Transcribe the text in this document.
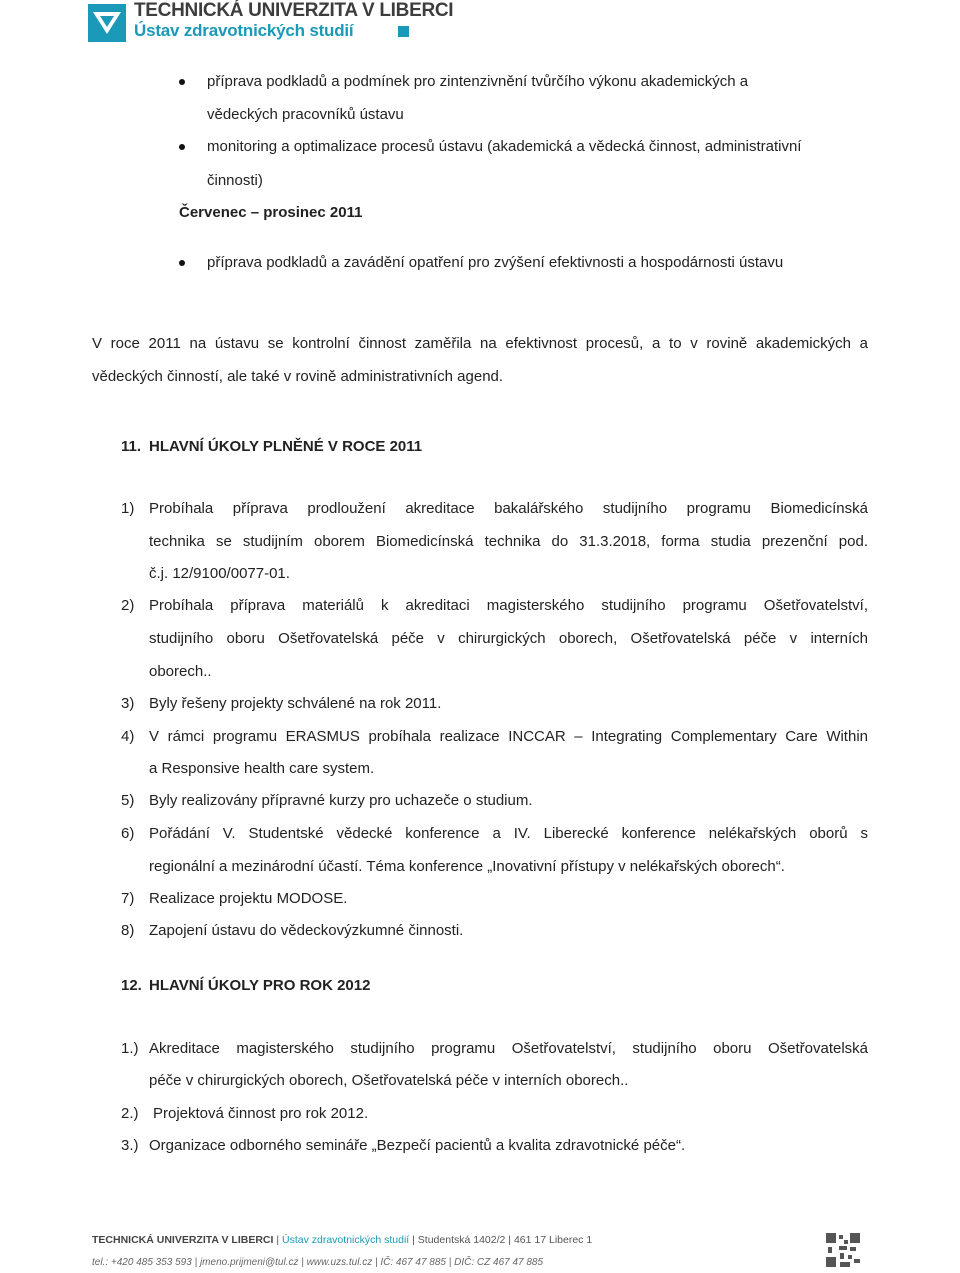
TECHNICKÁ UNIVERZITA V LIBERCI
Ústav zdravotnických studií
příprava podkladů a podmínek pro zintenzivnění tvůrčího výkonu akademických a
vědeckých pracovníků ústavu
monitoring a optimalizace procesů ústavu (akademická a vědecká činnost, administrativní
činnosti)
Červenec – prosinec 2011
příprava podkladů a zavádění opatření pro zvýšení efektivnosti a hospodárnosti ústavu
V roce 2011 na ústavu se kontrolní činnost zaměřila na efektivnost procesů, a to v rovině akademických a
vědeckých činností, ale také v rovině administrativních agend.
11. HLAVNÍ ÚKOLY PLNĚNÉ V ROCE 2011
1) Probíhala příprava prodloužení akreditace bakalářského studijního programu Biomedicínská
technika se studijním oborem Biomedicínská technika do 31.3.2018, forma studia prezenční pod.
č.j. 12/9100/0077-01.
2) Probíhala příprava materiálů k akreditaci magisterského studijního programu Ošetřovatelství,
studijního oboru Ošetřovatelská péče v chirurgických oborech, Ošetřovatelská péče v interních
oborech..
3) Byly řešeny projekty schválené na rok 2011.
4) V rámci programu ERASMUS probíhala realizace INCCAR – Integrating Complementary Care Within
a Responsive health care system.
5) Byly realizovány přípravné kurzy pro uchazeče o studium.
6) Pořádání V. Studentské vědecké konference a IV. Liberecké konference nelékařských oborů s
regionální a mezinárodní účastí. Téma konference „Inovativní přístupy v nelékařských oborech“.
7) Realizace projektu MODOSE.
8) Zapojení ústavu do vědeckovýzkumné činnosti.
12. HLAVNÍ ÚKOLY PRO ROK 2012
1.) Akreditace magisterského studijního programu Ošetřovatelství, studijního oboru Ošetřovatelská
péče v chirurgických oborech, Ošetřovatelská péče v interních oborech..
2.) Projektová činnost pro rok 2012.
3.) Organizace odborného semináře „Bezpečí pacientů a kvalita zdravotnické péče“.
TECHNICKÁ UNIVERZITA V LIBERCI | Ústav zdravotnických studií | Studentská 1402/2 | 461 17 Liberec 1
tel.: +420 485 353 593 | jmeno.prijmeni@tul.cz | www.uzs.tul.cz | IČ: 467 47 885 | DIČ: CZ 467 47 885
